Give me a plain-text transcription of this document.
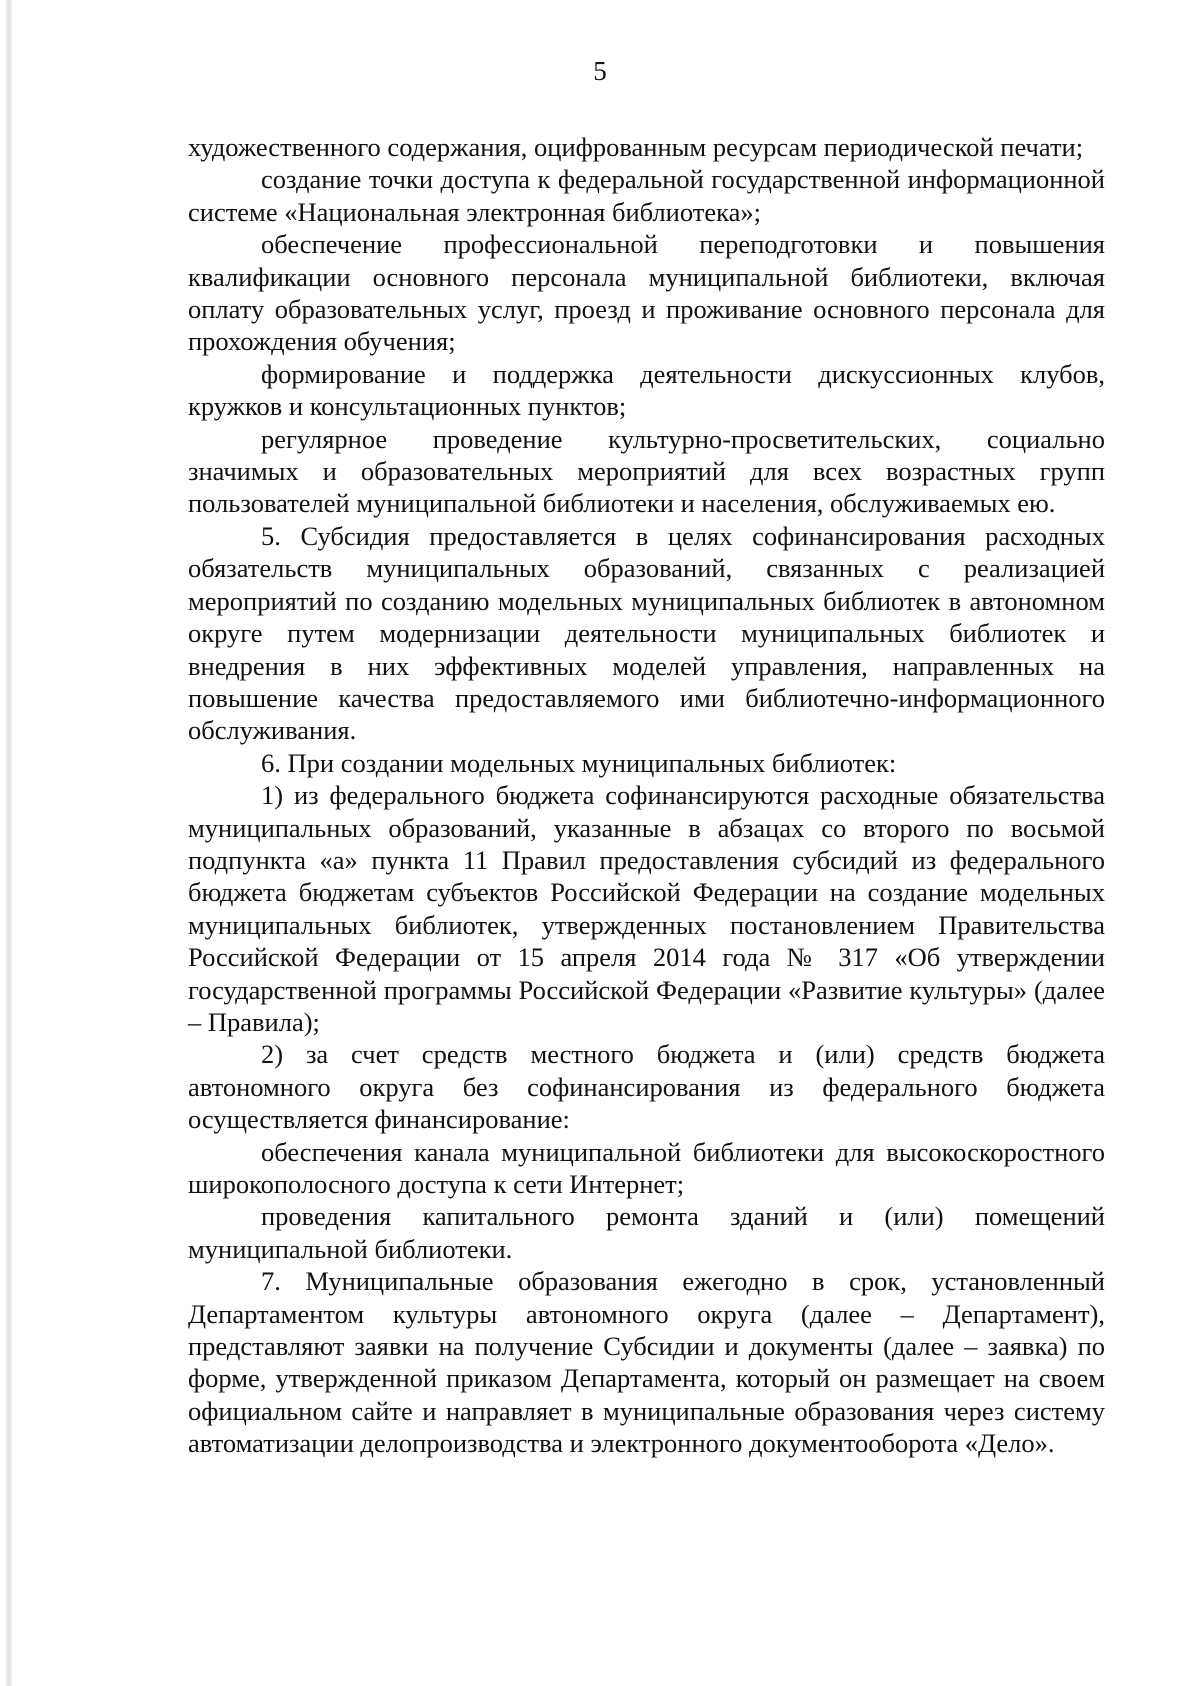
5

художественного содержания, оцифрованным ресурсам периодической печати;

создание точки доступа к федеральной государственной информационной системе «Национальная электронная библиотека»;

обеспечение профессиональной переподготовки и повышения квалификации основного персонала муниципальной библиотеки, включая оплату образовательных услуг, проезд и проживание основного персонала для прохождения обучения;

формирование и поддержка деятельности дискуссионных клубов, кружков и консультационных пунктов;

регулярное проведение культурно-просветительских, социально значимых и образовательных мероприятий для всех возрастных групп пользователей муниципальной библиотеки и населения, обслуживаемых ею.

5. Субсидия предоставляется в целях софинансирования расходных обязательств муниципальных образований, связанных с реализацией мероприятий по созданию модельных муниципальных библиотек в автономном округе путем модернизации деятельности муниципальных библиотек и внедрения в них эффективных моделей управления, направленных на повышение качества предоставляемого ими библиотечно-информационного обслуживания.

6. При создании модельных муниципальных библиотек:

1) из федерального бюджета софинансируются расходные обязательства муниципальных образований, указанные в абзацах со второго по восьмой подпункта «а» пункта 11 Правил предоставления субсидий из федерального бюджета бюджетам субъектов Российской Федерации на создание модельных муниципальных библиотек, утвержденных постановлением Правительства Российской Федерации от 15 апреля 2014 года № 317 «Об утверждении государственной программы Российской Федерации «Развитие культуры» (далее – Правила);

2) за счет средств местного бюджета и (или) средств бюджета автономного округа без софинансирования из федерального бюджета осуществляется финансирование:

обеспечения канала муниципальной библиотеки для высокоскоростного широкополосного доступа к сети Интернет;

проведения капитального ремонта зданий и (или) помещений муниципальной библиотеки.

7. Муниципальные образования ежегодно в срок, установленный Департаментом культуры автономного округа (далее – Департамент), представляют заявки на получение Субсидии и документы (далее – заявка) по форме, утвержденной приказом Департамента, который он размещает на своем официальном сайте и направляет в муниципальные образования через систему автоматизации делопроизводства и электронного документооборота «Дело».
